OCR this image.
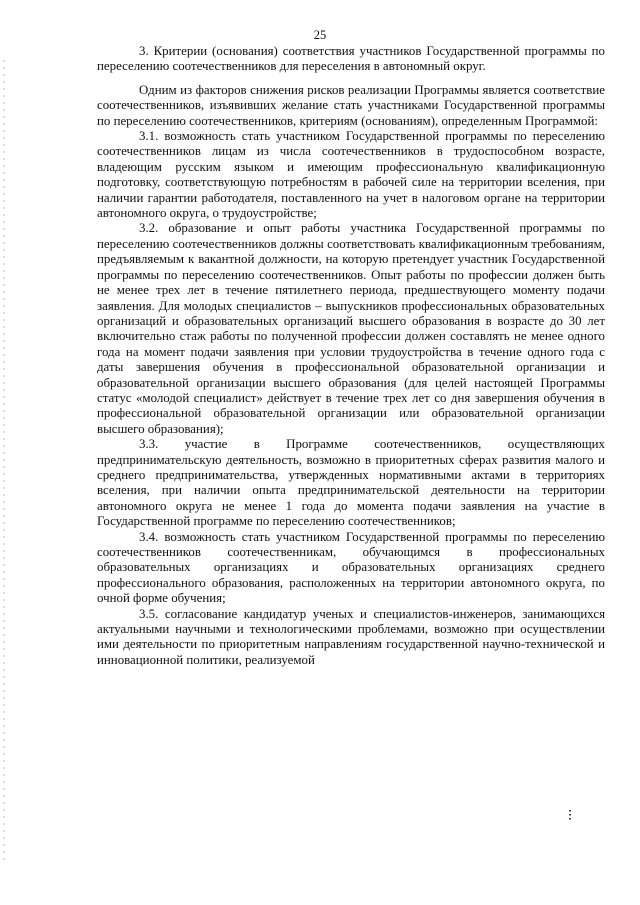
25

3. Критерии (основания) соответствия участников Государственной программы по переселению соотечественников для переселения в автономный округ.

Одним из факторов снижения рисков реализации Программы является соответствие соотечественников, изъявивших желание стать участниками Государственной программы по переселению соотечественников, критериям (основаниям), определенным Программой:

3.1. возможность стать участником Государственной программы по переселению соотечественников лицам из числа соотечественников в трудоспособном возрасте, владеющим русским языком и имеющим профессиональную квалификационную подготовку, соответствующую потребностям в рабочей силе на территории вселения, при наличии гарантии работодателя, поставленного на учет в налоговом органе на территории автономного округа, о трудоустройстве;

3.2. образование и опыт работы участника Государственной программы по переселению соотечественников должны соответствовать квалификационным требованиям, предъявляемым к вакантной должности, на которую претендует участник Государственной программы по переселению соотечественников. Опыт работы по профессии должен быть не менее трех лет в течение пятилетнего периода, предшествующего моменту подачи заявления. Для молодых специалистов – выпускников профессиональных образовательных организаций и образовательных организаций высшего образования в возрасте до 30 лет включительно стаж работы по полученной профессии должен составлять не менее одного года на момент подачи заявления при условии трудоустройства в течение одного года с даты завершения обучения в профессиональной образовательной организации и образовательной организации высшего образования (для целей настоящей Программы статус «молодой специалист» действует в течение трех лет со дня завершения обучения в профессиональной образовательной организации или образовательной организации высшего образования);

3.3. участие в Программе соотечественников, осуществляющих предпринимательскую деятельность, возможно в приоритетных сферах развития малого и среднего предпринимательства, утвержденных нормативными актами в территориях вселения, при наличии опыта предпринимательской деятельности на территории автономного округа не менее 1 года до момента подачи заявления на участие в Государственной программе по переселению соотечественников;

3.4. возможность стать участником Государственной программы по переселению соотечественников соотечественникам, обучающимся в профессиональных образовательных организациях и образовательных организациях среднего профессионального образования, расположенных на территории автономного округа, по очной форме обучения;

3.5. согласование кандидатур ученых и специалистов-инженеров, занимающихся актуальными научными и технологическими проблемами, возможно при осуществлении ими деятельности по приоритетным направлениям государственной научно-технической и инновационной политики, реализуемой
